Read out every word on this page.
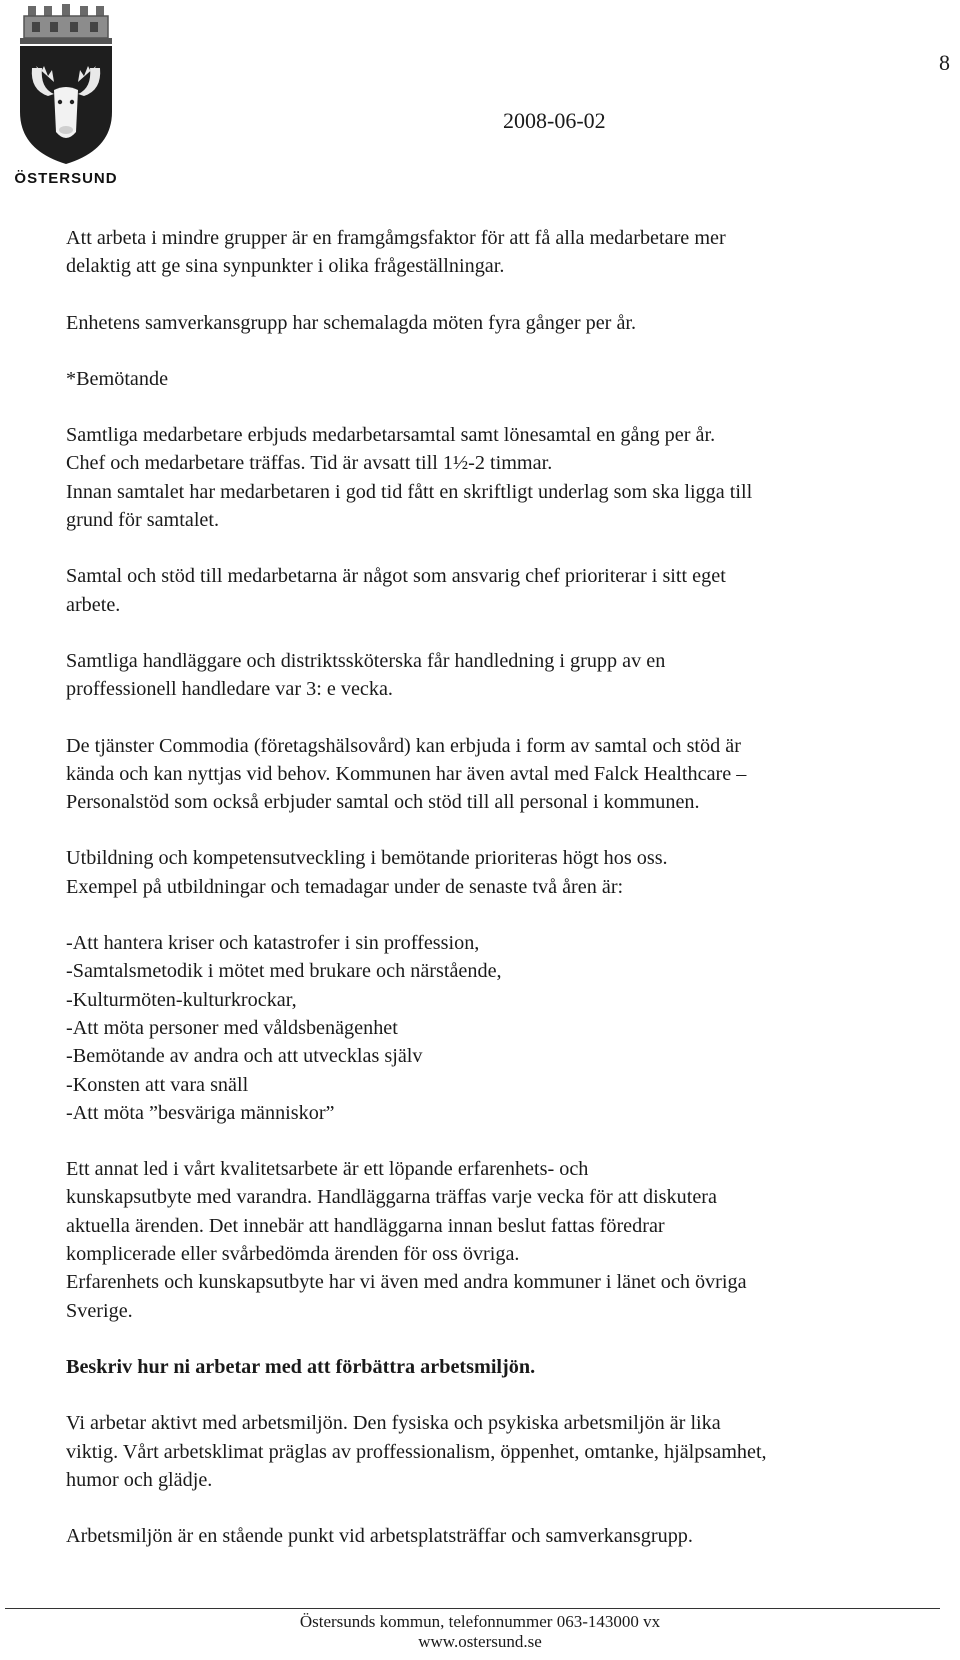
ÖSTERSUND
8
2008-06-02

Att arbeta i mindre grupper är en framgåmgsfaktor för att få alla medarbetare mer

delaktig att ge sina synpunkter i olika frågeställningar.

Enhetens samverkansgrupp har schemalagda möten fyra gånger per år.

*Bemötande

Samtliga medarbetare erbjuds medarbetarsamtal samt lönesamtal en gång per år.

Chef och medarbetare träffas. Tid är avsatt till 1½-2 timmar.

Innan samtalet har medarbetaren i god tid fått en skriftligt underlag som ska ligga till

grund för samtalet.

Samtal och stöd till medarbetarna är något som ansvarig chef prioriterar i sitt eget

arbete.

Samtliga handläggare och distriktssköterska får handledning i grupp av en

proffessionell handledare var 3: e vecka.

De tjänster Commodia (företagshälsovård) kan erbjuda i form av samtal och stöd är

kända och kan nyttjas vid behov. Kommunen har även avtal med Falck Healthcare –

Personalstöd som också erbjuder samtal och stöd till all personal i kommunen.

Utbildning och kompetensutveckling i bemötande prioriteras högt hos oss.

Exempel på utbildningar och temadagar under de senaste två åren är:

-Att hantera kriser och katastrofer i sin proffession,

-Samtalsmetodik i mötet med brukare och närstående,

-Kulturmöten-kulturkrockar,

-Att möta personer med våldsbenägenhet

-Bemötande av andra och att utvecklas själv

-Konsten att vara snäll

-Att möta ”besväriga människor”

Ett annat led i vårt kvalitetsarbete är ett löpande erfarenhets- och

kunskapsutbyte med varandra. Handläggarna träffas varje vecka för att diskutera

aktuella ärenden. Det innebär att handläggarna innan beslut fattas föredrar

komplicerade eller svårbedömda ärenden för oss övriga.

Erfarenhets och kunskapsutbyte har vi även med andra kommuner i länet och övriga

Sverige.

Beskriv hur ni arbetar med att förbättra arbetsmiljön.

Vi arbetar aktivt med arbetsmiljön. Den fysiska och psykiska arbetsmiljön är lika

viktig. Vårt arbetsklimat präglas av proffessionalism, öppenhet, omtanke, hjälpsamhet,

humor och glädje.

Arbetsmiljön är en stående punkt vid arbetsplatsträffar och samverkansgrupp.

Östersunds kommun, telefonnummer 063-143000 vx
www.ostersund.se
